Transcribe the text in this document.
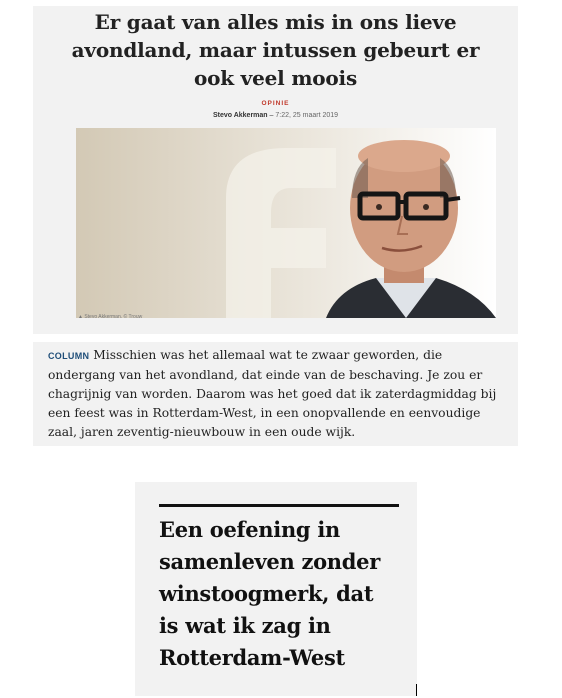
Er gaat van alles mis in ons lieve
avondland, maar intussen gebeurt er
ook veel moois
OPINIE
Stevo Akkerman – 7:22, 25 maart 2019
▲ Stevo Akkerman. © Trouw

COLUMN Misschien was het allemaal wat te zwaar geworden, die ondergang van het avondland, dat einde van de beschaving. Je zou er chagrijnig van worden. Daarom was het goed dat ik zaterdagmiddag bij een feest was in Rotterdam-West, in een onopvallende en eenvoudige zaal, jaren zeventig-nieuwbouw in een oude wijk.

Een oefening in
samenleven zonder
winstoogmerk, dat
is wat ik zag in
Rotterdam-West
